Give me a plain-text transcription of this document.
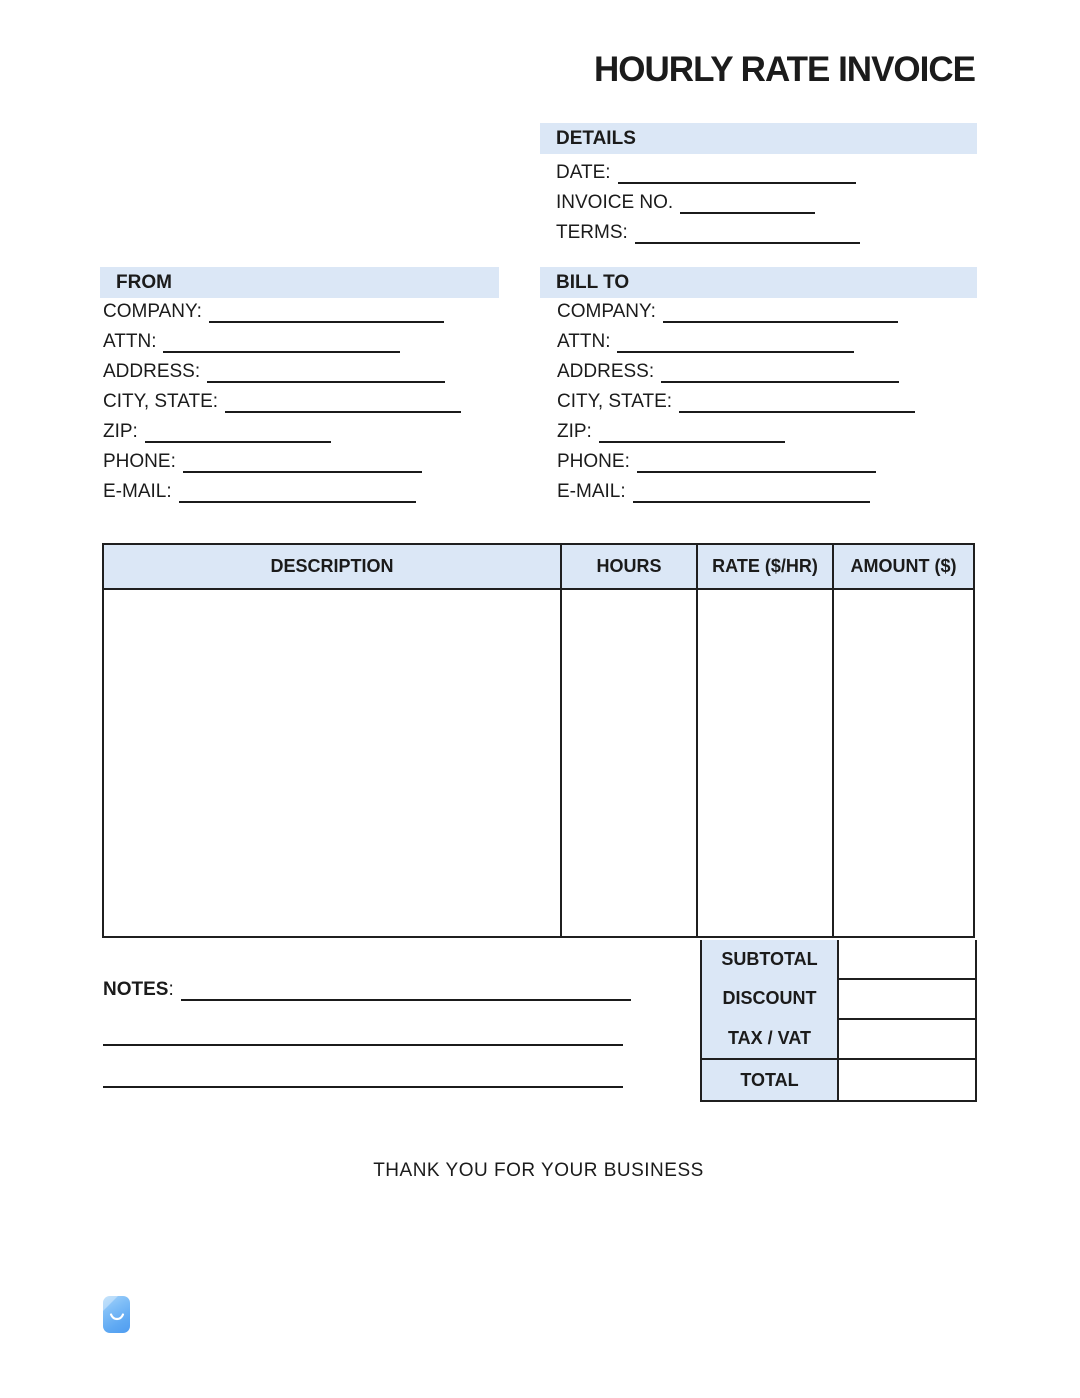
HOURLY RATE INVOICE
DETAILS
DATE:
INVOICE NO.
TERMS:
FROM
COMPANY:
ATTN:
ADDRESS:
CITY, STATE:
ZIP:
PHONE:
E-MAIL:
BILL TO
COMPANY:
ATTN:
ADDRESS:
CITY, STATE:
ZIP:
PHONE:
E-MAIL:
DESCRIPTION	HOURS	RATE ($/HR)	AMOUNT ($)
SUBTOTAL
DISCOUNT
TAX / VAT
TOTAL
NOTES :
THANK YOU FOR YOUR BUSINESS
